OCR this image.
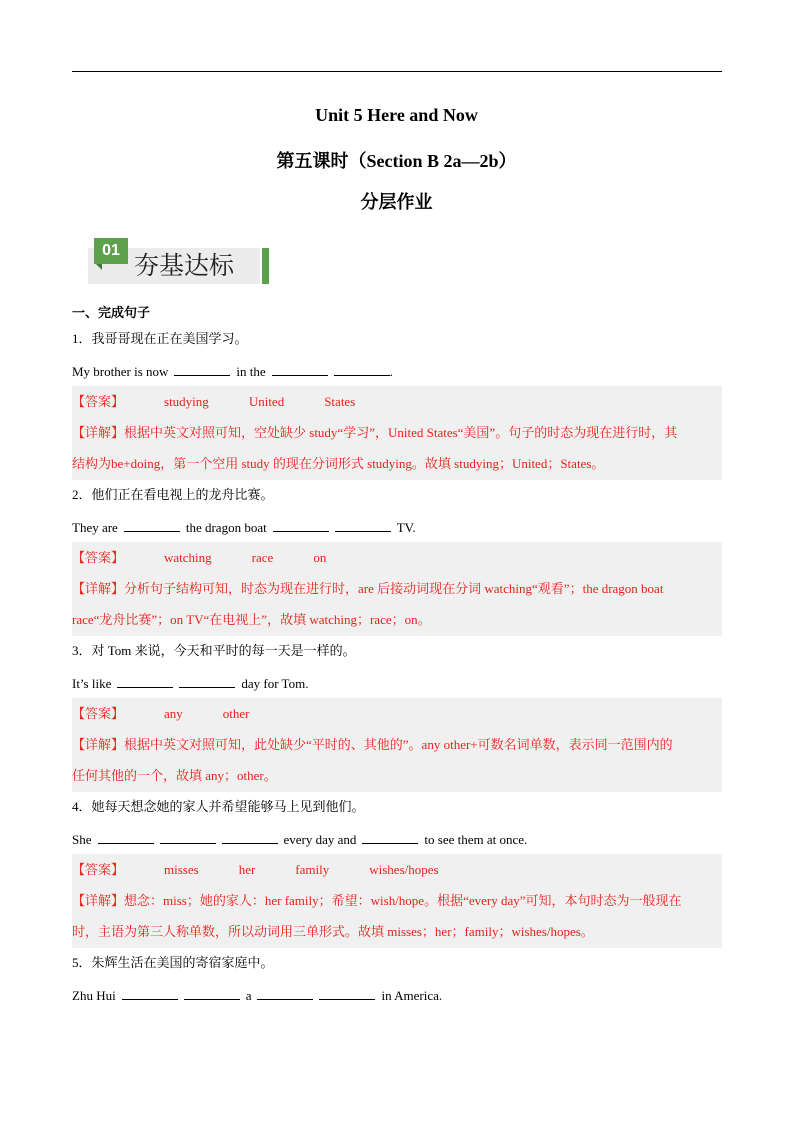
Unit 5 Here and Now
第五课时（Section B 2a—2b）
分层作业
01
夯基达标
一、完成句子
1．我哥哥现在正在美国学习。
My brother is now	in the	.
【答案】	studying	United	States
【详解】根据中英文对照可知，空处缺少 study“学习”，United States“美国”。句子的时态为现在进行时，其
结构为be+doing，第一个空用 study 的现在分词形式 studying。故填 studying；United；States。
2．他们正在看电视上的龙舟比赛。
They are	the dragon boat	TV.
【答案】	watching	race	on
【详解】分析句子结构可知，时态为现在进行时，are 后接动词现在分词 watching“观看”；the dragon boat
race“龙舟比赛”；on TV“在电视上”，故填 watching；race；on。
3．对 Tom 来说，今天和平时的每一天是一样的。
It’s like	day for Tom.
【答案】	any	other
【详解】根据中英文对照可知，此处缺少“平时的、其他的”。any other+可数名词单数，表示同一范围内的
任何其他的一个，故填 any；other。
4．她每天想念她的家人并希望能够马上见到他们。
She	every day and	to see them at once.
【答案】	misses	her	family	wishes/hopes
【详解】想念：miss；她的家人：her family；希望：wish/hope。根据“every day”可知，本句时态为一般现在
时，主语为第三人称单数，所以动词用三单形式。故填 misses；her；family；wishes/hopes。
5．朱辉生活在美国的寄宿家庭中。
Zhu Hui	a	in America.
